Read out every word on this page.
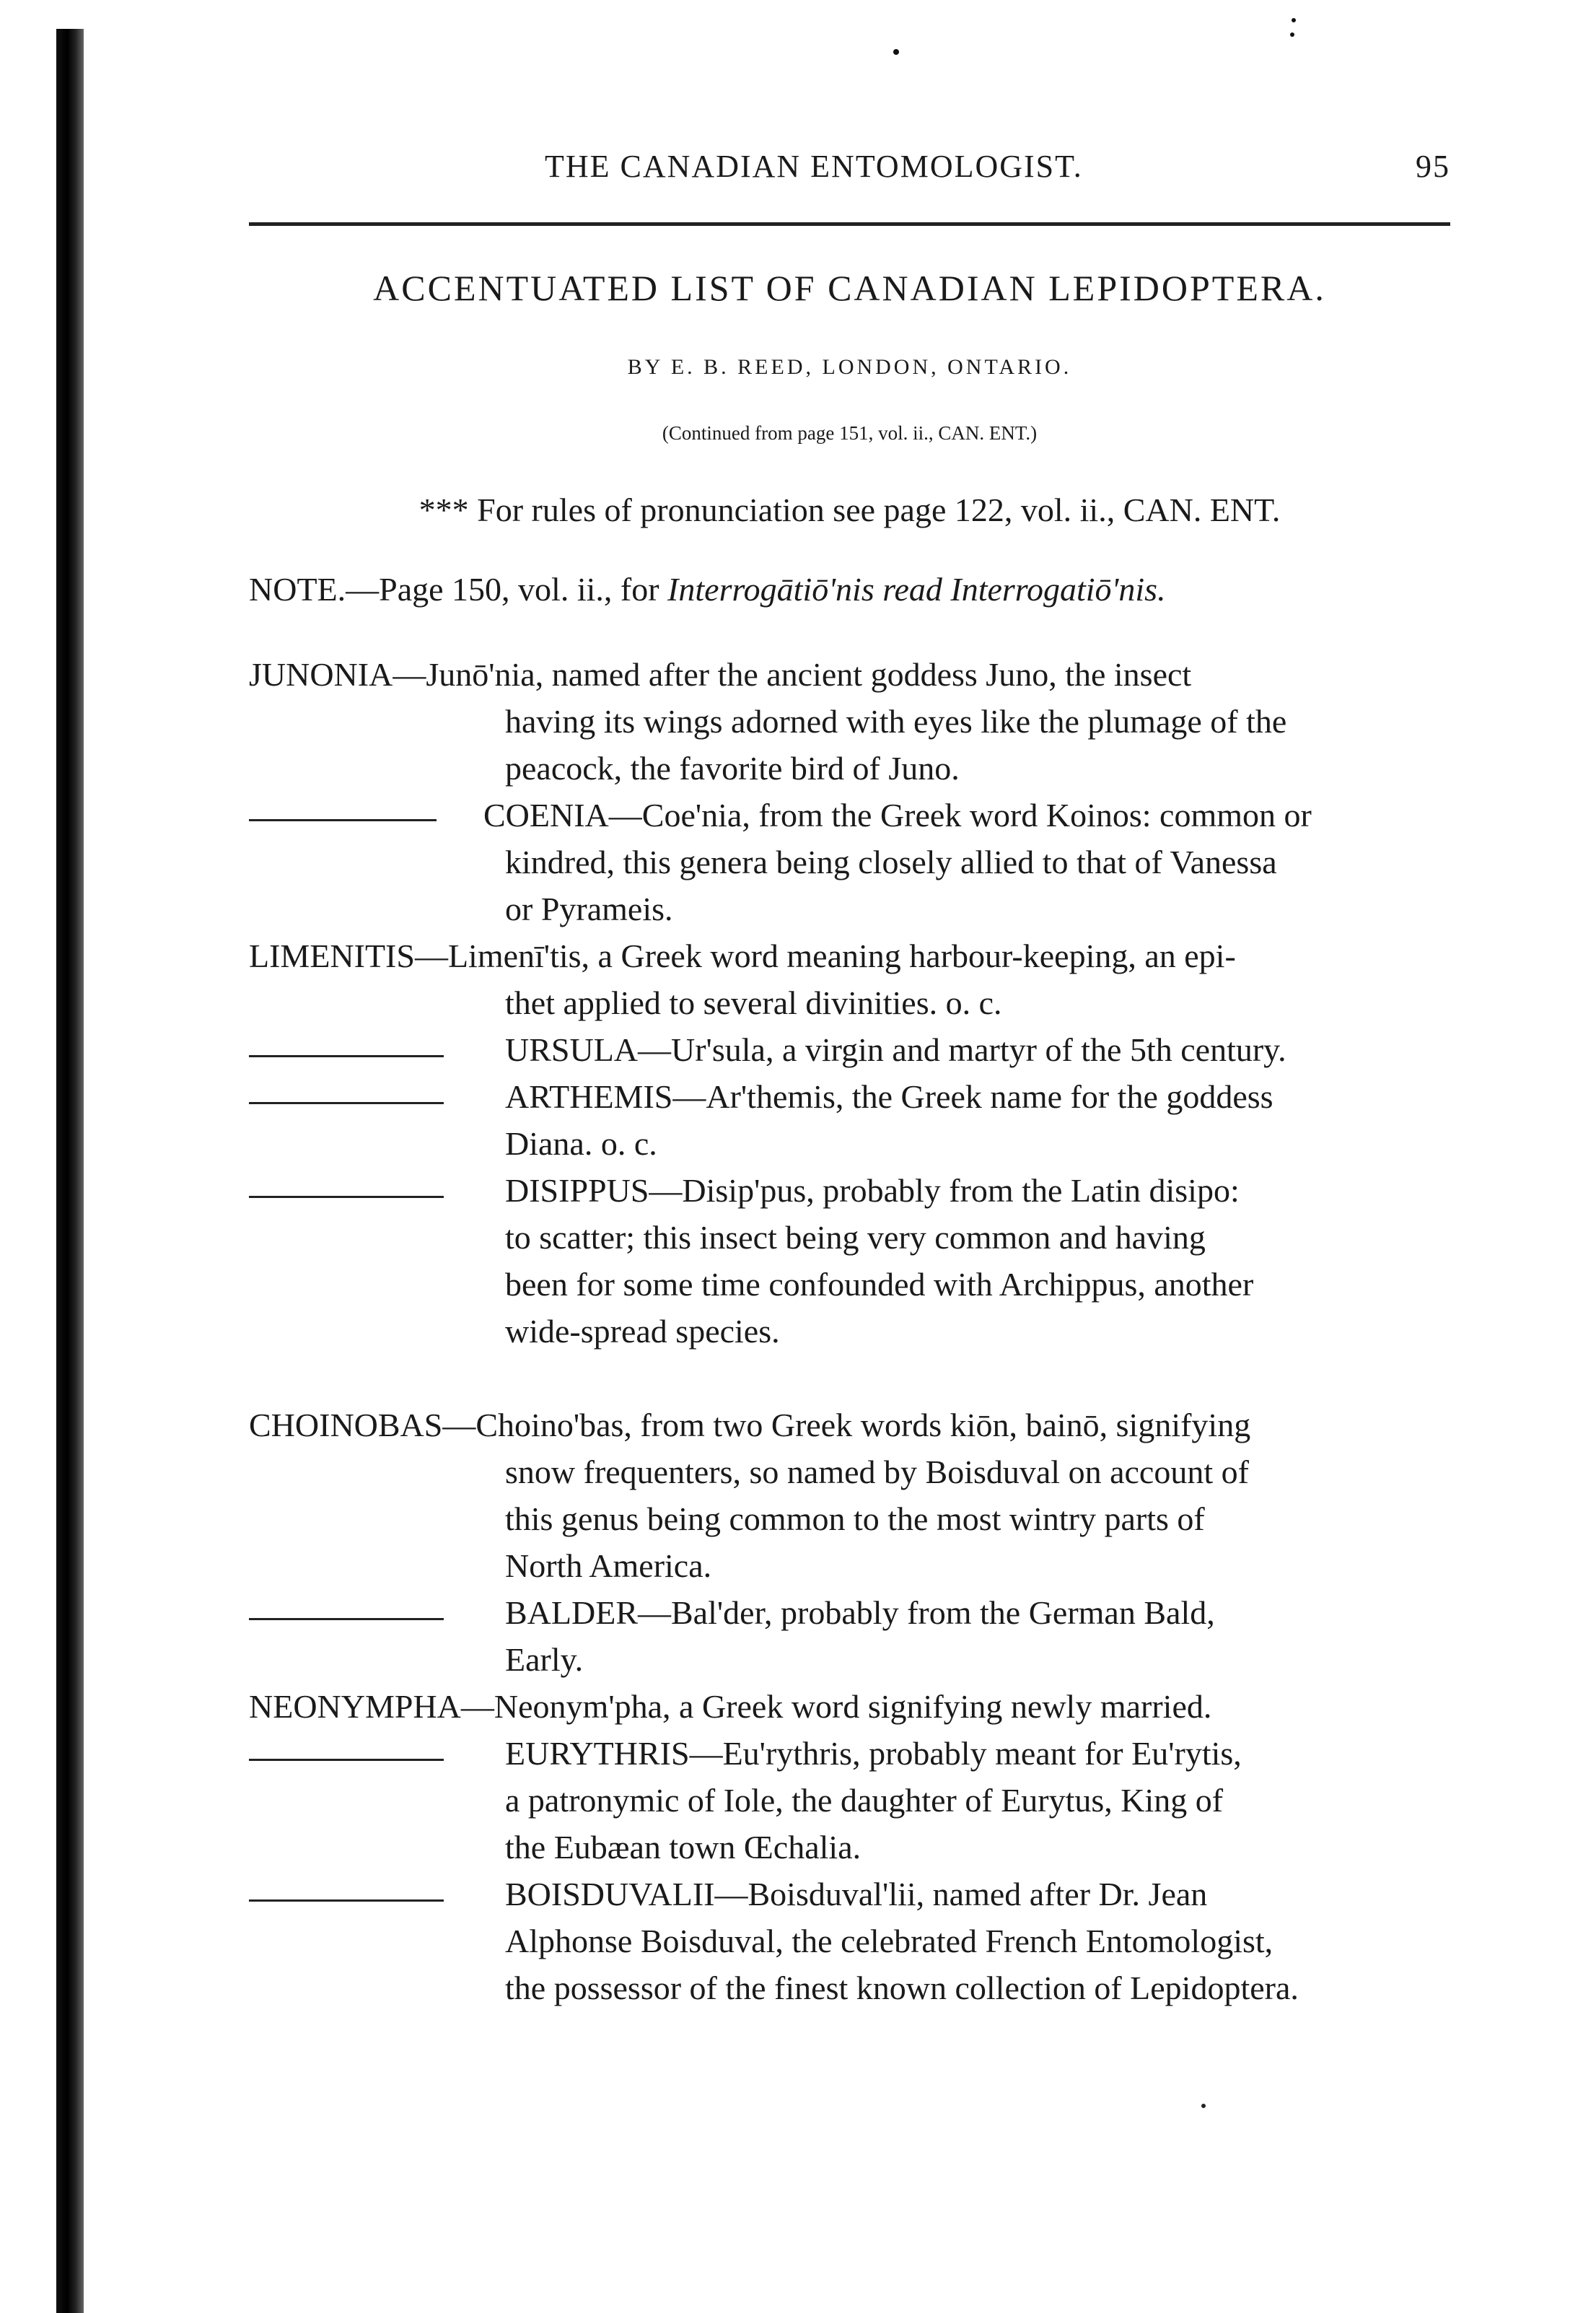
THE CANADIAN ENTOMOLOGIST.	95
ACCENTUATED LIST OF CANADIAN LEPIDOPTERA.
BY E. B. REED, LONDON, ONTARIO.
(Continued from page 151, vol. ii., CAN. ENT.)
*** For rules of pronunciation see page 122, vol. ii., CAN. ENT.
NOTE.—Page 150, vol. ii., for Interrogātiō'nis read Interrogatiō'nis.
JUNONIA—Junō'nia, named after the ancient goddess Juno, the insect
having its wings adorned with eyes like the plumage of the
peacock, the favorite bird of Juno.
COENIA—Coe'nia, from the Greek word Koinos: common or
kindred, this genera being closely allied to that of Vanessa
or Pyrameis.
LIMENITIS—Limenī'tis, a Greek word meaning harbour-keeping, an epi-
thet applied to several divinities. o. c.
URSULA—Ur'sula, a virgin and martyr of the 5th century.
ARTHEMIS—Ar'themis, the Greek name for the goddess
Diana. o. c.
DISIPPUS—Disip'pus, probably from the Latin disipo:
to scatter; this insect being very common and having
been for some time confounded with Archippus, another
wide-spread species.
CHOINOBAS—Choino'bas, from two Greek words kiōn, bainō, signifying
snow frequenters, so named by Boisduval on account of
this genus being common to the most wintry parts of
North America.
BALDER—Bal'der, probably from the German Bald,
Early.
NEONYMPHA—Neonym'pha, a Greek word signifying newly married.
EURYTHRIS—Eu'rythris, probably meant for Eu'rytis,
a patronymic of Iole, the daughter of Eurytus, King of
the Eubæan town Œchalia.
BOISDUVALII—Boisduval'lii, named after Dr. Jean
Alphonse Boisduval, the celebrated French Entomologist,
the possessor of the finest known collection of Lepidoptera.
